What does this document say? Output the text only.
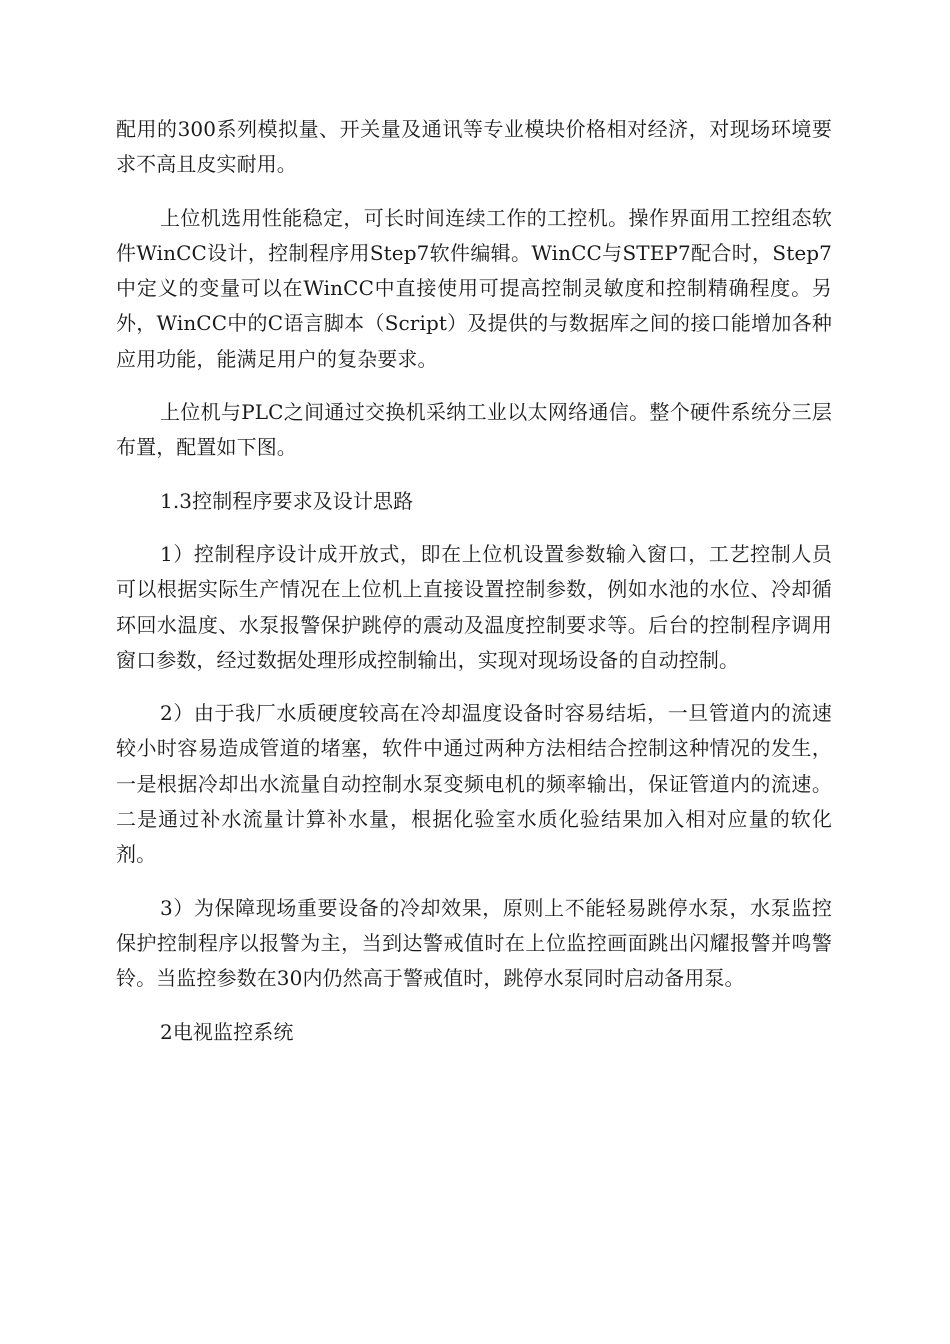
配用的300系列模拟量、开关量及通讯等专业模块价格相对经济，对现场环境要求不高且皮实耐用。

上位机选用性能稳定，可长时间连续工作的工控机。操作界面用工控组态软件WinCC设计，控制程序用Step7软件编辑。WinCC与STEP7配合时，Step7中定义的变量可以在WinCC中直接使用可提高控制灵敏度和控制精确程度。另外，WinCC中的C语言脚本（Script）及提供的与数据库之间的接口能增加各种应用功能，能满足用户的复杂要求。

上位机与PLC之间通过交换机采纳工业以太网络通信。整个硬件系统分三层布置，配置如下图。

1.3控制程序要求及设计思路

1）控制程序设计成开放式，即在上位机设置参数输入窗口，工艺控制人员可以根据实际生产情况在上位机上直接设置控制参数，例如水池的水位、冷却循环回水温度、水泵报警保护跳停的震动及温度控制要求等。后台的控制程序调用窗口参数，经过数据处理形成控制输出，实现对现场设备的自动控制。

2）由于我厂水质硬度较高在冷却温度设备时容易结垢，一旦管道内的流速较小时容易造成管道的堵塞，软件中通过两种方法相结合控制这种情况的发生，一是根据冷却出水流量自动控制水泵变频电机的频率输出，保证管道内的流速。二是通过补水流量计算补水量，根据化验室水质化验结果加入相对应量的软化剂。

3）为保障现场重要设备的冷却效果，原则上不能轻易跳停水泵，水泵监控保护控制程序以报警为主，当到达警戒值时在上位监控画面跳出闪耀报警并鸣警铃。当监控参数在30内仍然高于警戒值时，跳停水泵同时启动备用泵。

2电视监控系统
